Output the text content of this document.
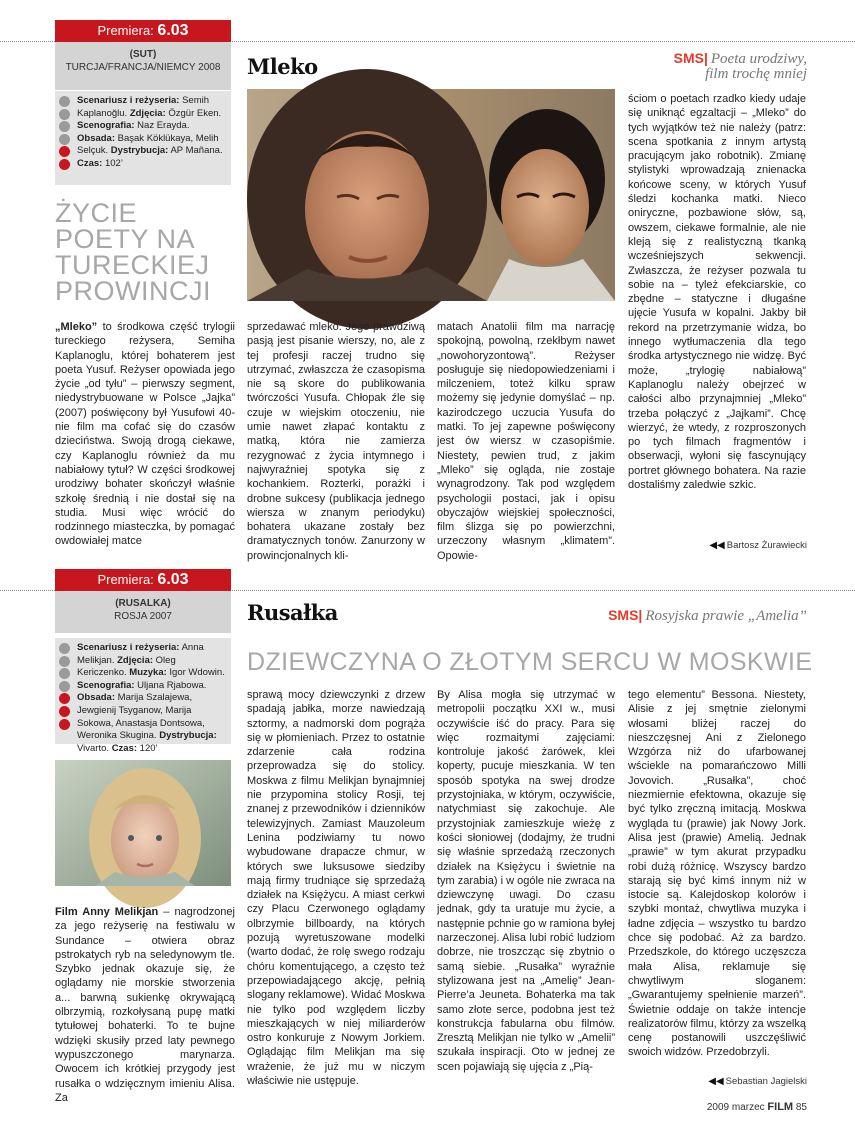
Premiera: 6.03
(SUT)
TURCJA/FRANCJA/NIEMCY 2008	Mleko	SMS| Poeta urodziwy,
film trochę mniej
Scenariusz i reżyseria: Semih Kaplanoğlu. Zdjęcia: Özgür Eken. Scenografia: Naz Erayda. Obsada: Başak Köklükaya, Melih Selçuk. Dystrybucja: AP Mañana. Czas: 102’
ŻYCIE POETY NA TURECKIEJ PROWINCJI

„Mleko” to środkowa część trylogii tureckiego reżysera, Semiha Kaplanoglu, której bohaterem jest poeta Yusuf. Reżyser opowiada jego życie „od tyłu” – pierwszy segment, niedystrybuowane w Polsce „Jajka” (2007) poświęcony był Yusufowi 40-nie film ma cofać się do czasów dzieciństwa. Swoją drogą ciekawe, czy Kaplanoglu również da mu nabiałowy tytuł? W części środkowej urodziwy bohater skończył właśnie szkołę średnią i nie dostał się na studia. Musi więc wrócić do rodzinnego miasteczka, by pomagać owdowiałej matce

sprzedawać mleko. Jego prawdziwą pasją jest pisanie wierszy, no, ale z tej profesji raczej trudno się utrzymać, zwłaszcza że czasopisma nie są skore do publikowania twórczości Yusufa. Chłopak źle się czuje w wiejskim otoczeniu, nie umie nawet złapać kontaktu z matką, która nie zamierza rezygnować z życia intymnego i najwyraźniej spotyka się z kochankiem. Rozterki, porażki i drobne sukcesy (publikacja jednego wiersza w znanym periodyku) bohatera ukazane zostały bez dramatycznych tonów. Zanurzony w prowincjonalnych kli-

matach Anatolii film ma narrację spokojną, powolną, rzekłbym nawet „nowohoryzontową”. Reżyser posługuje się niedopowiedzeniami i milczeniem, toteż kilku spraw możemy się jedynie domyślać – np. kazirodczego uczucia Yusufa do matki. To jej zapewne poświęcony jest ów wiersz w czasopiśmie. Niestety, pewien trud, z jakim „Mleko” się ogląda, nie zostaje wynagrodzony. Tak pod względem psychologii postaci, jak i opisu obyczajów wiejskiej społeczności, film ślizga się po powierzchni, urzeczony własnym „klimatem”. Opowie-

ściom o poetach rzadko kiedy udaje się uniknąć egzaltacji – „Mleko” do tych wyjątków też nie należy (patrz: scena spotkania z innym artystą pracującym jako robotnik). Zmianę stylistyki wprowadzają znienacka końcowe sceny, w których Yusuf śledzi kochanka matki. Nieco oniryczne, pozbawione słów, są, owszem, ciekawe formalnie, ale nie kleją się z realistyczną tkanką wcześniejszych sekwencji. Zwłaszcza, że reżyser pozwala tu sobie na – tyleż efekciarskie, co zbędne – statyczne i długaśne ujęcie Yusufa w kopalni. Jakby bił rekord na przetrzymanie widza, bo innego wytłumaczenia dla tego środka artystycznego nie widzę. Być może, „trylogię nabiałową” Kaplanoglu należy obejrzeć w całości albo przynajmniej „Mleko” trzeba połączyć z „Jajkami”. Chcę wierzyć, że wtedy, z rozproszonych po tych filmach fragmentów i obserwacji, wyłoni się fascynujący portret głównego bohatera. Na razie dostaliśmy zaledwie szkic.

◀◀ Bartosz Żurawiecki
Premiera: 6.03
(RUSALKA)
ROSJA 2007	Rusałka	SMS| Rosyjska prawie „Amelia”
Scenariusz i reżyseria: Anna Melikjan. Zdjęcia: Oleg Kericzenko. Muzyka: Igor Wdowin. Scenografia: Uljana Rjabowa. Obsada: Marija Szalajewa, Jewgienij Tsyganow, Marija Sokowa, Anastasja Dontsowa, Weronika Skugina. Dystrybucja: Vivarto. Czas: 120’
DZIEWCZYNA O ZŁOTYM SERCU W MOSKWIE

Film Anny Melikjan – nagrodzonej za jego reżyserię na festiwalu w Sundance – otwiera obraz pstrokatych ryb na seledynowym tle. Szybko jednak okazuje się, że oglądamy nie morskie stworzenia a... barwną sukienkę okrywającą olbrzymią, rozkołysaną pupę matki tytułowej bohaterki. To te bujne wdzięki skusiły przed laty pewnego wypuszczonego marynarza. Owocem ich krótkiej przygody jest rusałka o wdzięcznym imieniu Alisa. Za

sprawą mocy dziewczynki z drzew spadają jabłka, morze nawiedzają sztormy, a nadmorski dom pogrąża się w płomieniach. Przez to ostatnie zdarzenie cała rodzina przeprowadza się do stolicy. Moskwa z filmu Melikjan bynajmniej nie przypomina stolicy Rosji, tej znanej z przewodników i dzienników telewizyjnych. Zamiast Mauzoleum Lenina podziwiamy tu nowo wybudowane drapacze chmur, w których swe luksusowe siedziby mają firmy trudniące się sprzedażą działek na Księżycu. A miast cerkwi czy Placu Czerwonego oglądamy olbrzymie billboardy, na których pozują wyretuszowane modelki (warto dodać, że rolę swego rodzaju chóru komentującego, a często też przepowiadającego akcję, pełnią slogany reklamowe). Widać Moskwa nie tylko pod względem liczby mieszkających w niej miliarderów ostro konkuruje z Nowym Jorkiem. Oglądając film Melikjan ma się wrażenie, że już mu w niczym właściwie nie ustępuje.

By Alisa mogła się utrzymać w metropolii początku XXI w., musi oczywiście iść do pracy. Para się więc rozmaitymi zajęciami: kontroluje jakość żarówek, klei koperty, pucuje mieszkania. W ten sposób spotyka na swej drodze przystojniaka, w którym, oczywiście, natychmiast się zakochuje. Ale przystojniak zamieszkuje wieżę z kości słoniowej (dodajmy, że trudni się właśnie sprzedażą rzeczonych działek na Księżycu i świetnie na tym zarabia) i w ogóle nie zwraca na dziewczynę uwagi. Do czasu jednak, gdy ta uratuje mu życie, a następnie pchnie go w ramiona byłej narzeczonej. Alisa lubi robić ludziom dobrze, nie troszcząc się zbytnio o samą siebie. „Rusałka” wyraźnie stylizowana jest na „Amelię” Jean-Pierre’a Jeuneta. Bohaterka ma tak samo złote serce, podobna jest też konstrukcja fabularna obu filmów. Zresztą Melikjan nie tylko w „Amelii” szukała inspiracji. Oto w jednej ze scen pojawiają się ujęcia z „Pią-

tego elementu” Bessona. Niestety, Alisie z jej smętnie zielonymi włosami bliżej raczej do nieszczęsnej Ani z Zielonego Wzgórza niż do ufarbowanej wściekle na pomarańczowo Milli Jovovich. „Rusałka”, choć niezmiernie efektowna, okazuje się być tylko zręczną imitacją. Moskwa wygląda tu (prawie) jak Nowy Jork. Alisa jest (prawie) Amelią. Jednak „prawie” w tym akurat przypadku robi dużą różnicę. Wszyscy bardzo starają się być kimś innym niż w istocie są. Kalejdoskop kolorów i szybki montaż, chwytliwa muzyka i ładne zdjęcia – wszystko tu bardzo chce się podobać. Aż za bardzo. Przedszkole, do którego uczęszcza mała Alisa, reklamuje się chwytliwym sloganem: „Gwarantujemy spełnienie marzeń”. Świetnie oddaje on także intencje realizatorów filmu, którzy za wszelką cenę postanowili uszczęśliwić swoich widzów. Przedobrzyli.

◀◀ Sebastian Jagielski
2009 marzec FILM 85
